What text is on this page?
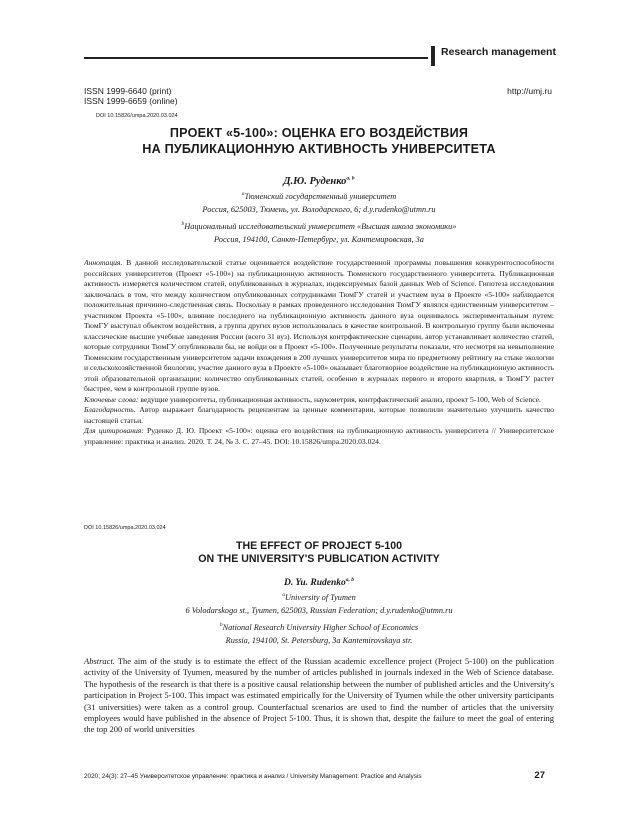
Research management
ISSN 1999-6640 (print)
ISSN 1999-6659 (online)
http://umj.ru
DOI 10.15826/umpa.2020.03.024
ПРОЕКТ «5-100»: ОЦЕНКА ЕГО ВОЗДЕЙСТВИЯ
НА ПУБЛИКАЦИОННУЮ АКТИВНОСТЬ УНИВЕРСИТЕТА
Д.Ю. Руденко$^{a, b}$
$^a$Тюменский государственный университет
Россия, 625003, Тюмень, ул. Володарского, 6; d.y.rudenko@utmn.ru
$^b$Национальный исследовательский университет «Высшая школа экономики»
Россия, 194100, Санкт-Петербург, ул. Кантемировская, 3а

Аннотация. В данной исследовательской статье оценивается воздействие государственной программы повышения конкурентоспособности российских университетов (Проект «5-100») на публикационную активность Тюменского государственного университета. Публикационная активность измеряется количеством статей, опубликованных в журналах, индексируемых базой данных Web of Science. Гипотеза исследования заключалась в том, что между количеством опубликованных сотрудниками ТюмГУ статей и участием вуза в Проекте «5-100» наблюдается положительная причинно-следственная связь. Поскольку в рамках проведенного исследования ТюмГУ являлся единственным университетом – участником Проекта «5-100», влияние последнего на публикационную активность данного вуза оценивалось экспериментальным путем: ТюмГУ выступал объектом воздействия, а группа других вузов использовалась в качестве контрольной. В контрольную группу были включены классические высшие учебные заведения России (всего 31 вуз). Используя контрфактические сценарии, автор устанавливает количество статей, которые сотрудники ТюмГУ опубликовали бы, не войди он в Проект «5-100». Полученные результаты показали, что несмотря на невыполнение Тюменским государственным университетом задачи вхождения в 200 лучших университетов мира по предметному рейтингу на стыке экологии и сельскохозяйственной биологии, участие данного вуза в Проекте «5-100» оказывает благотворное воздействие на публикационную активность этой образовательной организации: количество опубликованных статей, особенно в журналах первого и второго квартиля, в ТюмГУ растет быстрее, чем в контрольной группе вузов.

Ключевые слова: ведущие университеты, публикационная активность, наукометрия, контрфактический анализ, проект 5-100, Web of Science.

Благодарность. Автор выражает благодарность рецензентам за ценные комментарии, которые позволили значительно улучшить качество настоящей статьи.

Для цитирования: Руденко Д. Ю. Проект «5-100»: оценка его воздействия на публикационную активность университета // Университетское управление: практика и анализ. 2020. Т. 24, № 3. С. 27–45. DOI: 10.15826/umpa.2020.03.024.

DOI 10.15826/umpa.2020.03.024
THE EFFECT OF PROJECT 5-100
ON THE UNIVERSITY'S PUBLICATION ACTIVITY
D. Yu. Rudenko$^{a, b}$
$^a$University of Tyumen
6 Volodarskogo st., Tyumen, 625003, Russian Federation; d.y.rudenko@utmn.ru
$^b$National Research University Higher School of Economics
Russia, 194100, St. Petersburg, 3a Kantemirovskaya str.

Abstract. The aim of the study is to estimate the effect of the Russian academic excellence project (Project 5-100) on the publication activity of the University of Tyumen, measured by the number of articles published in journals indexed in the Web of Science database. The hypothesis of the research is that there is a positive causal relationship between the number of published articles and the University's participation in Project 5-100. This impact was estimated empirically for the University of Tyumen while the other university participants (31 universities) were taken as a control group. Counterfactual scenarios are used to find the number of articles that the university employees would have published in the absence of Project 5-100. Thus, it is shown that, despite the failure to meet the goal of entering the top 200 of world universities

2020; 24(3): 27–45 Университетское управление: практика и анализ / University Management: Practice and Analysis	27
